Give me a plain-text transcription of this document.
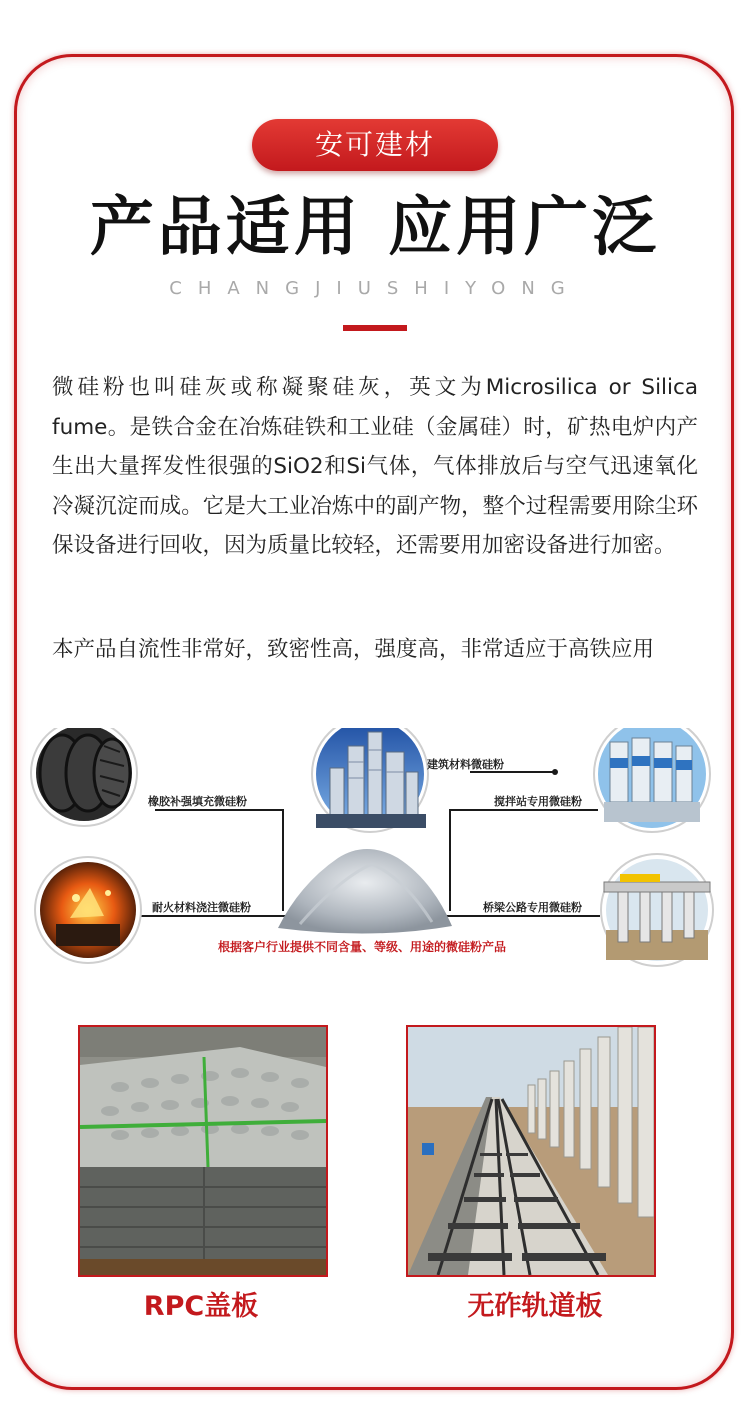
安可建材
产品适用 应用广泛
CHANGJIUSHIYONG

微硅粉也叫硅灰或称凝聚硅灰，英文为Microsilica or Silica fume。是铁合金在冶炼硅铁和工业硅（金属硅）时，矿热电炉内产生出大量挥发性很强的SiO2和Si气体，气体排放后与空气迅速氧化冷凝沉淀而成。它是大工业冶炼中的副产物，整个过程需要用除尘环保设备进行回收，因为质量比较轻，还需要用加密设备进行加密。

本产品自流性非常好，致密性高，强度高，非常适应于高铁应用

建筑材料微硅粉
搅拌站专用微硅粉
桥梁公路专用微硅粉
橡胶补强填充微硅粉
耐火材料浇注微硅粉
根据客户行业提供不同含量、等级、用途的微硅粉产品
RPC盖板	无砟轨道板
